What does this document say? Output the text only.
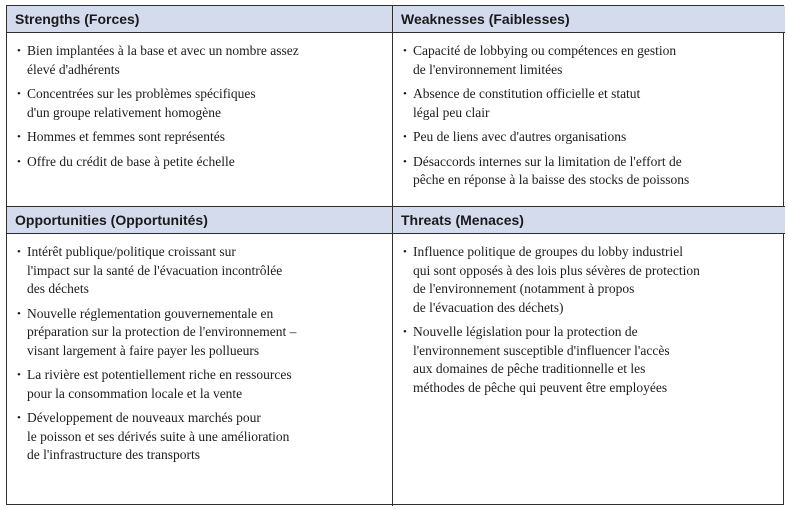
Strengths (Forces)
• Bien implantées à la base et avec un nombre assez
élevé d'adhérents
• Concentrées sur les problèmes spécifiques
d'un groupe relativement homogène
• Hommes et femmes sont représentés
• Offre du crédit de base à petite échelle
Weaknesses (Faiblesses)
• Capacité de lobbying ou compétences en gestion
de l'environnement limitées
• Absence de constitution officielle et statut
légal peu clair
• Peu de liens avec d'autres organisations
• Désaccords internes sur la limitation de l'effort de
pêche en réponse à la baisse des stocks de poissons
Opportunities (Opportunités)
• Intérêt publique/politique croissant sur
l'impact sur la santé de l'évacuation incontrôlée
des déchets
• Nouvelle réglementation gouvernementale en
préparation sur la protection de l'environnement –
visant largement à faire payer les pollueurs
• La rivière est potentiellement riche en ressources
pour la consommation locale et la vente
• Développement de nouveaux marchés pour
le poisson et ses dérivés suite à une amélioration
de l'infrastructure des transports
Threats (Menaces)
• Influence politique de groupes du lobby industriel
qui sont opposés à des lois plus sévères de protection
de l'environnement (notamment à propos
de l'évacuation des déchets)
• Nouvelle législation pour la protection de
l'environnement susceptible d'influencer l'accès
aux domaines de pêche traditionnelle et les
méthodes de pêche qui peuvent être employées
